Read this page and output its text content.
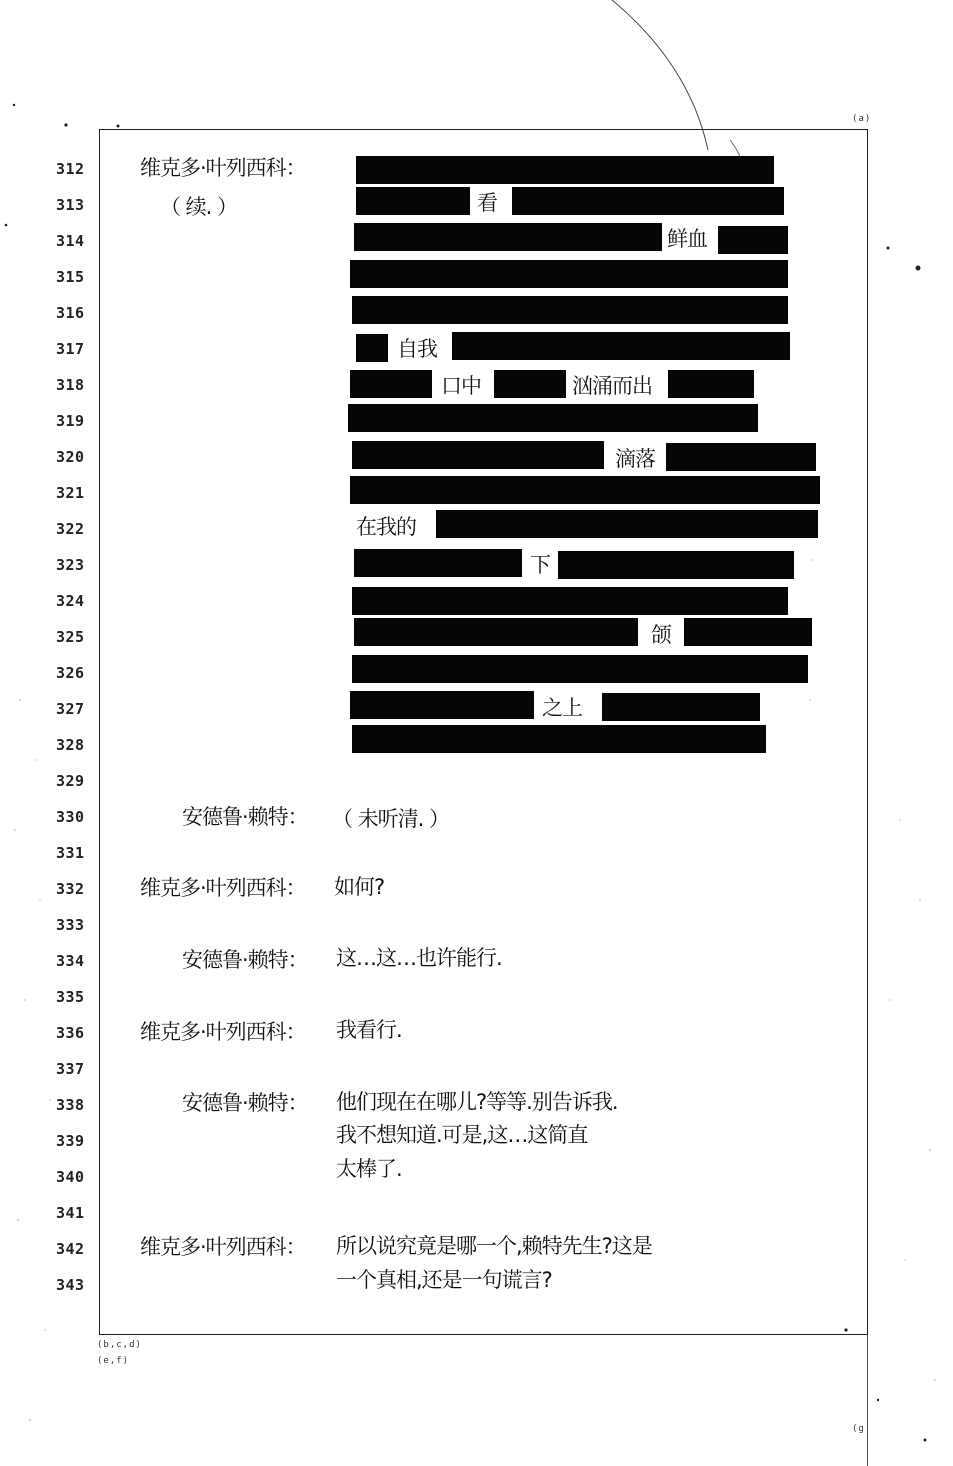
(a)
(b,c,d)
(e,f)
(g
312
313
314
315
316
317
318
319
320
321
322
323
324
325
326
327
328
329
330
331
332
333
334
335
336
337
338
339
340
341
342
343
维克多·叶列西科：
（ 续. ）	看
鲜血
自我
口中	汹涌而出
滴落
在我的
下
颌
之上
安德鲁·赖特： （ 未听清. ）
维克多·叶列西科： 如何?
安德鲁·赖特： 这…这…也许能行.
维克多·叶列西科： 我看行.
安德鲁·赖特： 他们现在在哪儿?等等.别告诉我.
我不想知道.可是,这…这简直
太棒了.
维克多·叶列西科： 所以说究竟是哪一个,赖特先生?这是
一个真相,还是一句谎言?
